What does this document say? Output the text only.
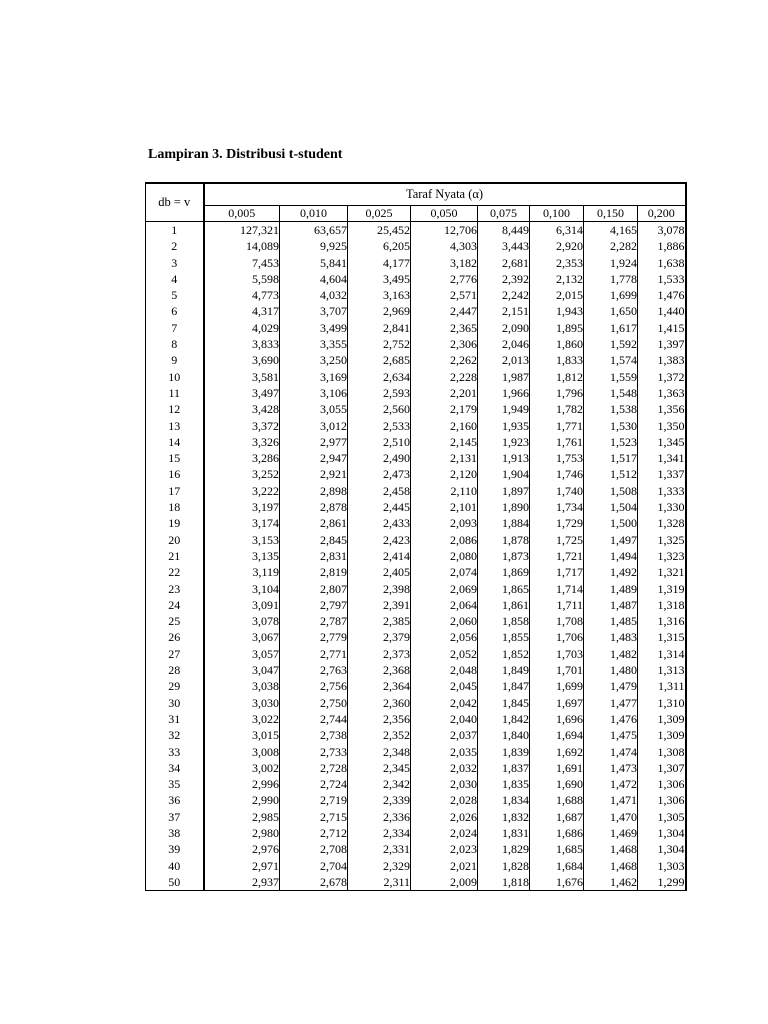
Lampiran 3. Distribusi t-student
db = v	Taraf Nyata (α)							
	0,005	0,010	0,025	0,050	0,075	0,100	0,150	0,200
1	127,321	63,657	25,452	12,706	8,449	6,314	4,165	3,078
2	14,089	9,925	6,205	4,303	3,443	2,920	2,282	1,886
3	7,453	5,841	4,177	3,182	2,681	2,353	1,924	1,638
4	5,598	4,604	3,495	2,776	2,392	2,132	1,778	1,533
5	4,773	4,032	3,163	2,571	2,242	2,015	1,699	1,476
6	4,317	3,707	2,969	2,447	2,151	1,943	1,650	1,440
7	4,029	3,499	2,841	2,365	2,090	1,895	1,617	1,415
8	3,833	3,355	2,752	2,306	2,046	1,860	1,592	1,397
9	3,690	3,250	2,685	2,262	2,013	1,833	1,574	1,383
10	3,581	3,169	2,634	2,228	1,987	1,812	1,559	1,372
11	3,497	3,106	2,593	2,201	1,966	1,796	1,548	1,363
12	3,428	3,055	2,560	2,179	1,949	1,782	1,538	1,356
13	3,372	3,012	2,533	2,160	1,935	1,771	1,530	1,350
14	3,326	2,977	2,510	2,145	1,923	1,761	1,523	1,345
15	3,286	2,947	2,490	2,131	1,913	1,753	1,517	1,341
16	3,252	2,921	2,473	2,120	1,904	1,746	1,512	1,337
17	3,222	2,898	2,458	2,110	1,897	1,740	1,508	1,333
18	3,197	2,878	2,445	2,101	1,890	1,734	1,504	1,330
19	3,174	2,861	2,433	2,093	1,884	1,729	1,500	1,328
20	3,153	2,845	2,423	2,086	1,878	1,725	1,497	1,325
21	3,135	2,831	2,414	2,080	1,873	1,721	1,494	1,323
22	3,119	2,819	2,405	2,074	1,869	1,717	1,492	1,321
23	3,104	2,807	2,398	2,069	1,865	1,714	1,489	1,319
24	3,091	2,797	2,391	2,064	1,861	1,711	1,487	1,318
25	3,078	2,787	2,385	2,060	1,858	1,708	1,485	1,316
26	3,067	2,779	2,379	2,056	1,855	1,706	1,483	1,315
27	3,057	2,771	2,373	2,052	1,852	1,703	1,482	1,314
28	3,047	2,763	2,368	2,048	1,849	1,701	1,480	1,313
29	3,038	2,756	2,364	2,045	1,847	1,699	1,479	1,311
30	3,030	2,750	2,360	2,042	1,845	1,697	1,477	1,310
31	3,022	2,744	2,356	2,040	1,842	1,696	1,476	1,309
32	3,015	2,738	2,352	2,037	1,840	1,694	1,475	1,309
33	3,008	2,733	2,348	2,035	1,839	1,692	1,474	1,308
34	3,002	2,728	2,345	2,032	1,837	1,691	1,473	1,307
35	2,996	2,724	2,342	2,030	1,835	1,690	1,472	1,306
36	2,990	2,719	2,339	2,028	1,834	1,688	1,471	1,306
37	2,985	2,715	2,336	2,026	1,832	1,687	1,470	1,305
38	2,980	2,712	2,334	2,024	1,831	1,686	1,469	1,304
39	2,976	2,708	2,331	2,023	1,829	1,685	1,468	1,304
40	2,971	2,704	2,329	2,021	1,828	1,684	1,468	1,303
50	2,937	2,678	2,311	2,009	1,818	1,676	1,462	1,299
